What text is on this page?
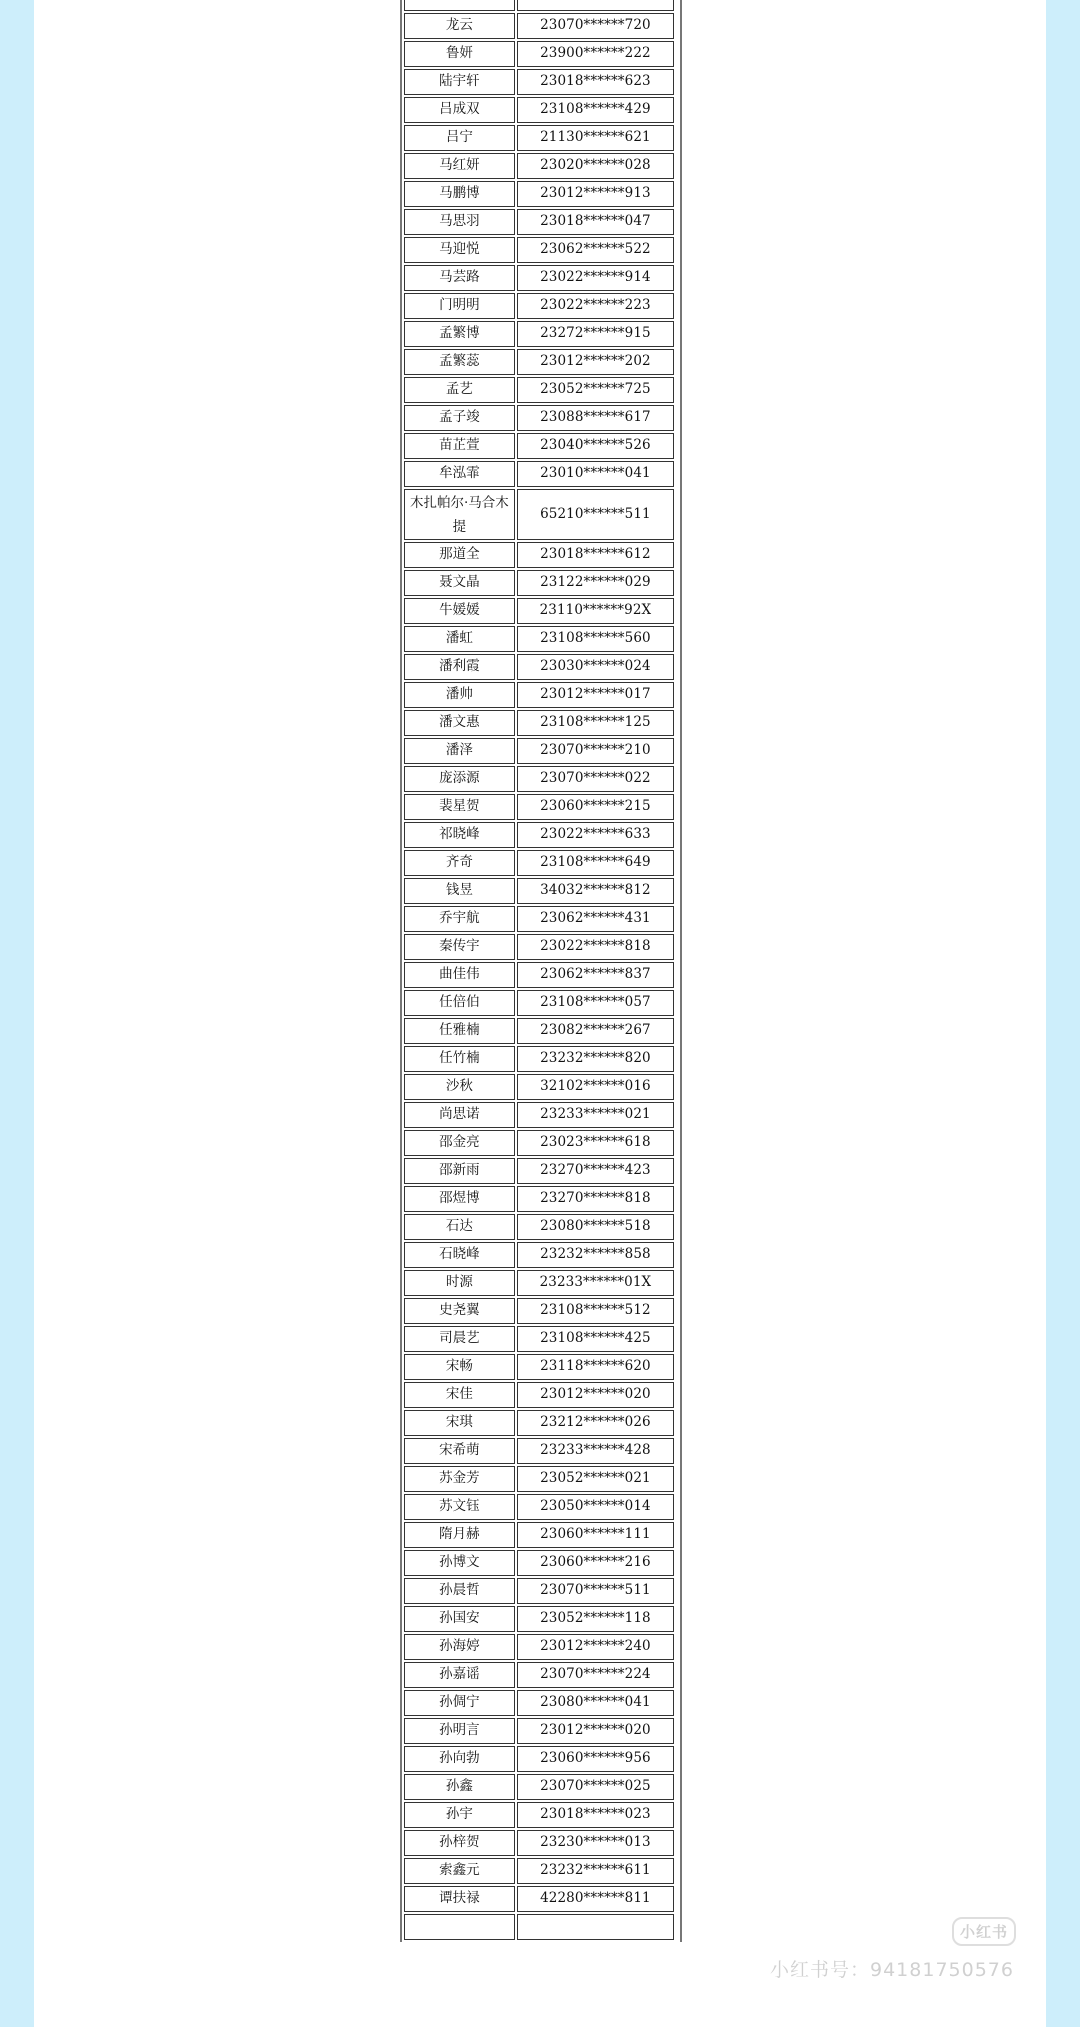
龙云	23070******720
鲁妍	23900******222
陆宇轩	23018******623
吕成双	23108******429
吕宁	21130******621
马红妍	23020******028
马鹏博	23012******913
马思羽	23018******047
马迎悦	23062******522
马芸路	23022******914
门明明	23022******223
孟繁博	23272******915
孟繁蕊	23012******202
孟艺	23052******725
孟子竣	23088******617
苗芷萱	23040******526
牟泓霏	23010******041
木扎帕尔·马合木提	65210******511
那道全	23018******612
聂文晶	23122******029
牛媛媛	23110******92X
潘虹	23108******560
潘利霞	23030******024
潘帅	23012******017
潘文惠	23108******125
潘泽	23070******210
庞添源	23070******022
裴星贺	23060******215
祁晓峰	23022******633
齐奇	23108******649
钱昱	34032******812
乔宇航	23062******431
秦传宇	23022******818
曲佳伟	23062******837
任倍伯	23108******057
任雅楠	23082******267
任竹楠	23232******820
沙秋	32102******016
尚思诺	23233******021
邵金亮	23023******618
邵新雨	23270******423
邵煜博	23270******818
石达	23080******518
石晓峰	23232******858
时源	23233******01X
史尧翼	23108******512
司晨艺	23108******425
宋畅	23118******620
宋佳	23012******020
宋琪	23212******026
宋希萌	23233******428
苏金芳	23052******021
苏文钰	23050******014
隋月赫	23060******111
孙博文	23060******216
孙晨哲	23070******511
孙国安	23052******118
孙海婷	23012******240
孙嘉谣	23070******224
孙倜宁	23080******041
孙明言	23012******020
孙向勃	23060******956
孙鑫	23070******025
孙宇	23018******023
孙梓贺	23230******013
索鑫元	23232******611
谭扶禄	42280******811

小红书
小红书号：9418​1750576
